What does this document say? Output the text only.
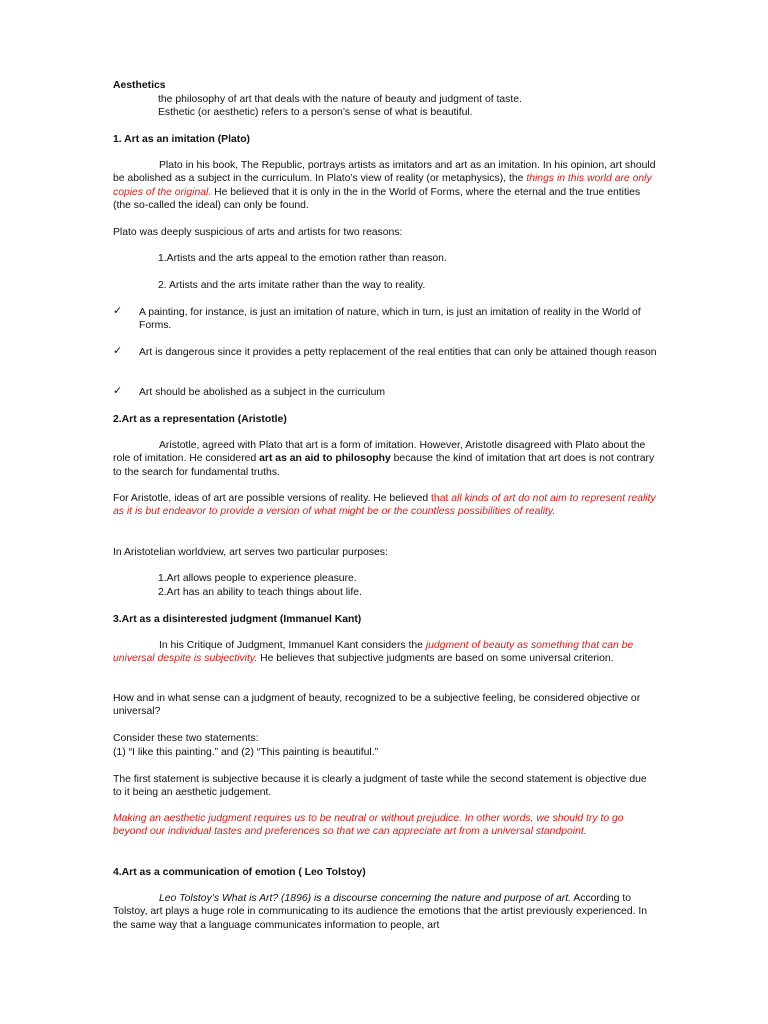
Aesthetics
the philosophy of art that deals with the nature of beauty and judgment of taste.
Esthetic (or aesthetic) refers to a person’s sense of what is beautiful.
1. Art as an imitation (Plato)

Plato in his book, The Republic, portrays artists as imitators and art as an imitation. In his opinion, art should be abolished as a subject in the curriculum. In Plato’s view of reality (or metaphysics), the things in this world are only copies of the original. He believed that it is only in the in the World of Forms, where the eternal and the true entities (the so-called the ideal) can only be found.

Plato was deeply suspicious of arts and artists for two reasons:
1.Artists and the arts appeal to the emotion rather than reason.
2. Artists and the arts imitate rather than the way to reality.
✓ A painting, for instance, is just an imitation of nature, which in turn, is just an imitation of reality in the World of Forms.

✓ Art is dangerous since it provides a petty replacement of the real entities that can only be attained though reason

✓ Art should be abolished as a subject in the curriculum

2.Art as a representation (Aristotle)

Aristotle, agreed with Plato that art is a form of imitation. However, Aristotle disagreed with Plato about the role of imitation. He considered art as an aid to philosophy because the kind of imitation that art does is not contrary to the search for fundamental truths.

For Aristotle, ideas of art are possible versions of reality. He believed that all kinds of art do not aim to represent reality as it is but endeavor to provide a version of what might be or the countless possibilities of reality.

In Aristotelian worldview, art serves two particular purposes:
1.Art allows people to experience pleasure.
2.Art has an ability to teach things about life.
3.Art as a disinterested judgment (Immanuel Kant)

In his Critique of Judgment, Immanuel Kant considers the judgment of beauty as something that can be universal despite is subjectivity. He believes that subjective judgments are based on some universal criterion.

How and in what sense can a judgment of beauty, recognized to be a subjective feeling, be considered objective or universal?

Consider these two statements:
(1) “I like this painting.” and (2) “This painting is beautiful.”

The first statement is subjective because it is clearly a judgment of taste while the second statement is objective due to it being an aesthetic judgement.

Making an aesthetic judgment requires us to be neutral or without prejudice. In other words, we should try to go beyond our individual tastes and preferences so that we can appreciate art from a universal standpoint.

4.Art as a communication of emotion ( Leo Tolstoy)

Leo Tolstoy’s What is Art? (1896) is a discourse concerning the nature and purpose of art. According to Tolstoy, art plays a huge role in communicating to its audience the emotions that the artist previously experienced. In the same way that a language communicates information to people, art
